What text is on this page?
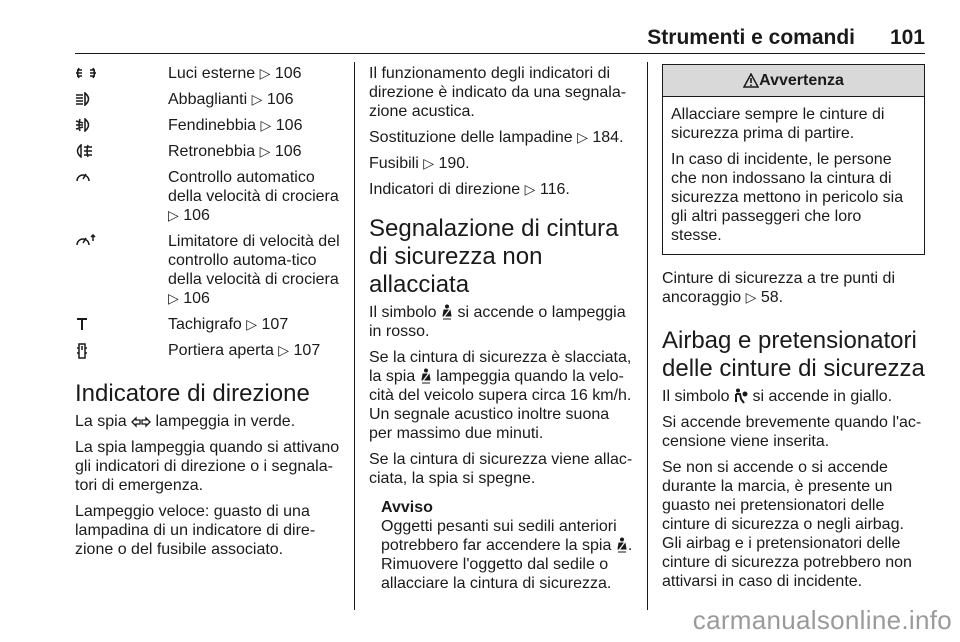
Strumenti e comandi 101
Luci esterne ▷ 106
Abbaglianti ▷ 106
Fendinebbia ▷ 106
Retronebbia ▷ 106
Controllo automatico della velocità di crociera ▷ 106
Limitatore di velocità del controllo automa-tico della velocità di crociera ▷ 106
Tachigrafo ▷ 107
Portiera aperta ▷ 107
Indicatore di direzione

La spia lampeggia in verde.

La spia lampeggia quando si attivano gli indicatori di direzione o i segnala-tori di emergenza.

Lampeggio veloce: guasto di una lampadina di un indicatore di dire-zione o del fusibile associato.

Il funzionamento degli indicatori di direzione è indicato da una segnala-zione acustica.

Sostituzione delle lampadine ▷ 184.

Fusibili ▷ 190.

Indicatori di direzione ▷ 116.

Segnalazione di cintura di sicurezza non allacciata

Il simbolo si accende o lampeggia in rosso.

Se la cintura di sicurezza è slacciata, la spia lampeggia quando la velo-cità del veicolo supera circa 16 km/h. Un segnale acustico inoltre suona per massimo due minuti.

Se la cintura di sicurezza viene allac-ciata, la spia si spegne.

Avviso
Oggetti pesanti sui sedili anteriori potrebbero far accendere la spia . Rimuovere l'oggetto dal sedile o allacciare la cintura di sicurezza.
Avvertenza

Allacciare sempre le cinture di sicurezza prima di partire.

In caso di incidente, le persone che non indossano la cintura di sicurezza mettono in pericolo sia gli altri passeggeri che loro stesse.

Cinture di sicurezza a tre punti di ancoraggio ▷ 58.

Airbag e pretensionatori delle cinture di sicurezza

Il simbolo si accende in giallo.

Si accende brevemente quando l'ac-censione viene inserita.

Se non si accende o si accende durante la marcia, è presente un guasto nei pretensionatori delle cinture di sicurezza o negli airbag. Gli airbag e i pretensionatori delle cinture di sicurezza potrebbero non attivarsi in caso di incidente.

carmanualsonline.info
